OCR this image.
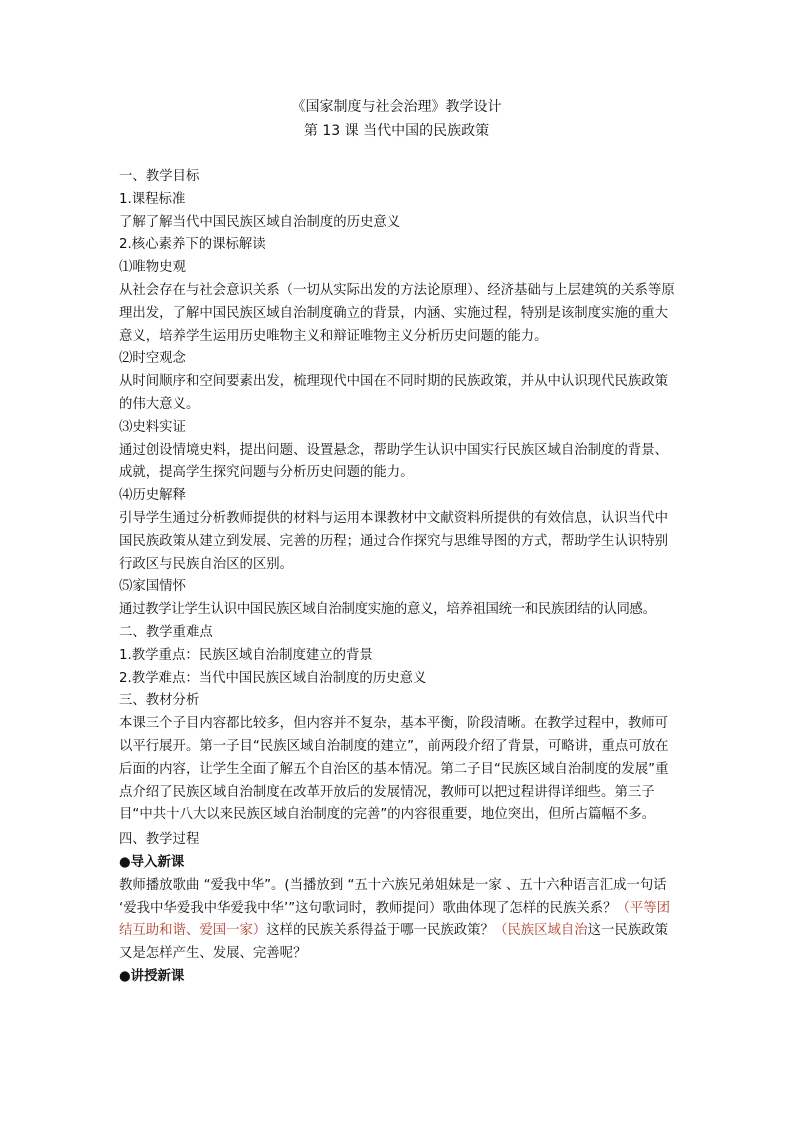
《国家制度与社会治理》教学设计
第 13 课 当代中国的民族政策

一、教学目标

1.课程标准

了解了解当代中国民族区域自治制度的历史意义

2.核心素养下的课标解读

⑴唯物史观

从社会存在与社会意识关系（一切从实际出发的方法论原理）、经济基础与上层建筑的关系等原理出发，了解中国民族区域自治制度确立的背景，内涵、实施过程，特别是该制度实施的重大意义，培养学生运用历史唯物主义和辩证唯物主义分析历史问题的能力。

⑵时空观念

从时间顺序和空间要素出发，梳理现代中国在不同时期的民族政策，并从中认识现代民族政策的伟大意义。

⑶史料实证

通过创设情境史料，提出问题、设置悬念，帮助学生认识中国实行民族区域自治制度的背景、成就，提高学生探究问题与分析历史问题的能力。

⑷历史解释

引导学生通过分析教师提供的材料与运用本课教材中文献资料所提供的有效信息，认识当代中国民族政策从建立到发展、完善的历程；通过合作探究与思维导图的方式，帮助学生认识特别行政区与民族自治区的区别。

⑸家国情怀

通过教学让学生认识中国民族区域自治制度实施的意义，培养祖国统一和民族团结的认同感。

二、教学重难点

1.教学重点：民族区域自治制度建立的背景

2.教学难点：当代中国民族区域自治制度的历史意义

三、教材分析

本课三个子目内容都比较多，但内容并不复杂，基本平衡，阶段清晰。在教学过程中，教师可以平行展开。第一子目“民族区域自治制度的建立”，前两段介绍了背景，可略讲，重点可放在后面的内容，让学生全面了解五个自治区的基本情况。第二子目“民族区域自治制度的发展”重点介绍了民族区域自治制度在改革开放后的发展情况，教师可以把过程讲得详细些。第三子目“中共十八大以来民族区域自治制度的完善”的内容很重要，地位突出，但所占篇幅不多。

四、教学过程

●导入新课

教师播放歌曲 “爱我中华”。(当播放到 “五十六族兄弟姐妹是一家 、五十六种语言汇成一句话 ‘爱我中华爱我中华爱我中华’”这句歌词时，教师提问）歌曲体现了怎样的民族关系？（平等团结互助和谐、爱国一家）这样的民族关系得益于哪一民族政策？（民族区域自治这一民族政策又是怎样产生、发展、完善呢？

●讲授新课
